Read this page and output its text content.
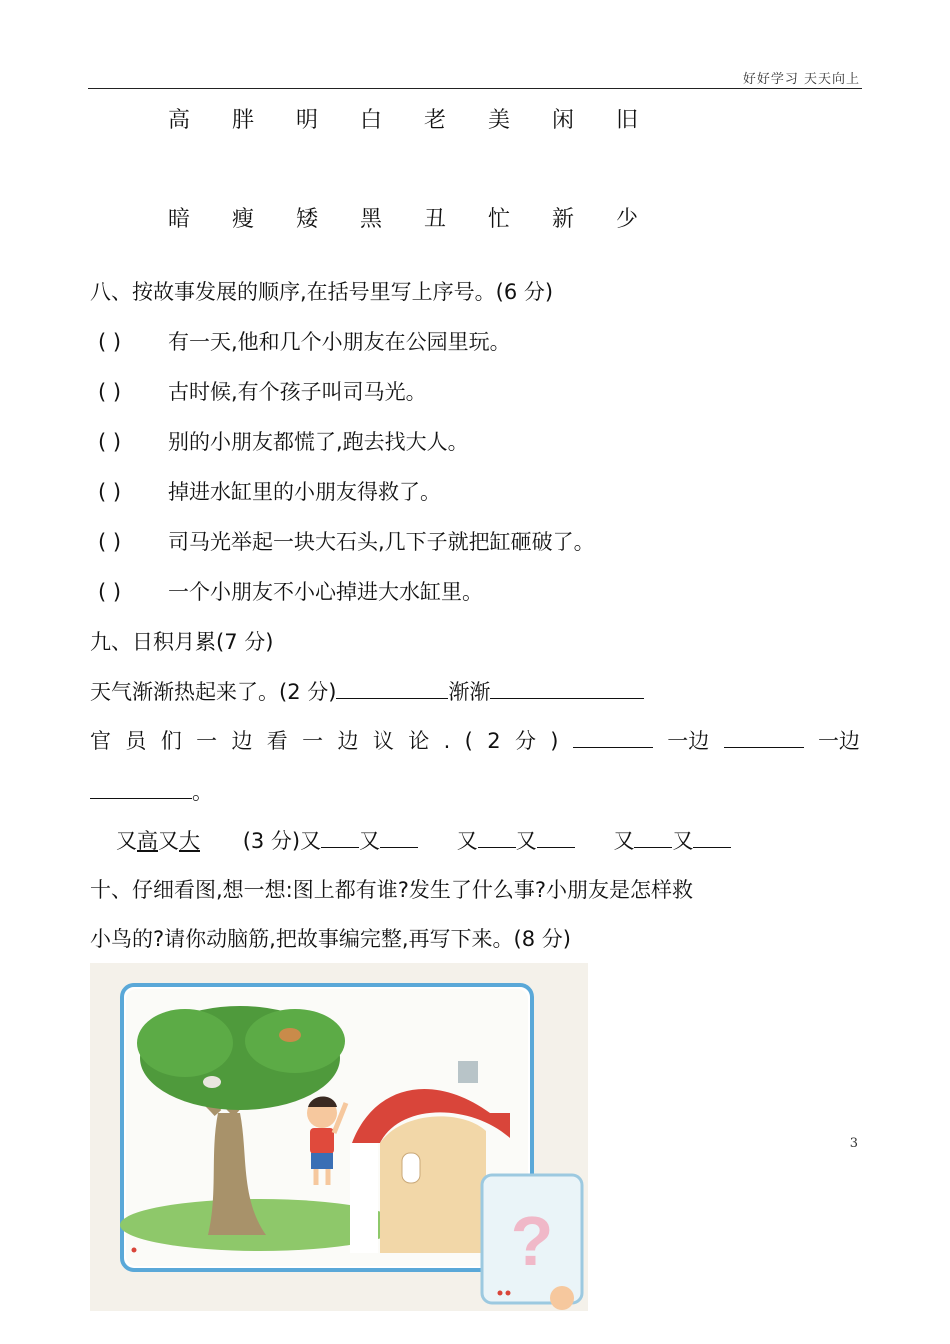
好好学习 天天向上
高	胖	明	白	老	美	闲	旧
暗	瘦	矮	黑	丑	忙	新	少
八、按故事发展的顺序,在括号里写上序号。(6 分)
( ) 有一天,他和几个小朋友在公园里玩。
( ) 古时候,有个孩子叫司马光。
( ) 别的小朋友都慌了,跑去找大人。
( ) 掉进水缸里的小朋友得救了。
( ) 司马光举起一块大石头,几下子就把缸砸破了。
( ) 一个小朋友不小心掉进大水缸里。
九、日积月累(7 分)
天气渐渐热起来了。(2 分)	渐渐
官 员 们 一 边 看 一 边 议 论 . ( 2 分 )	一边	一边
。
又高又大 (3 分)又 又	又 又	又 又
十、仔细看图,想一想:图上都有谁?发生了什么事?小朋友是怎样救
小鸟的?请你动脑筋,把故事编完整,再写下来。(8 分)
?
3
